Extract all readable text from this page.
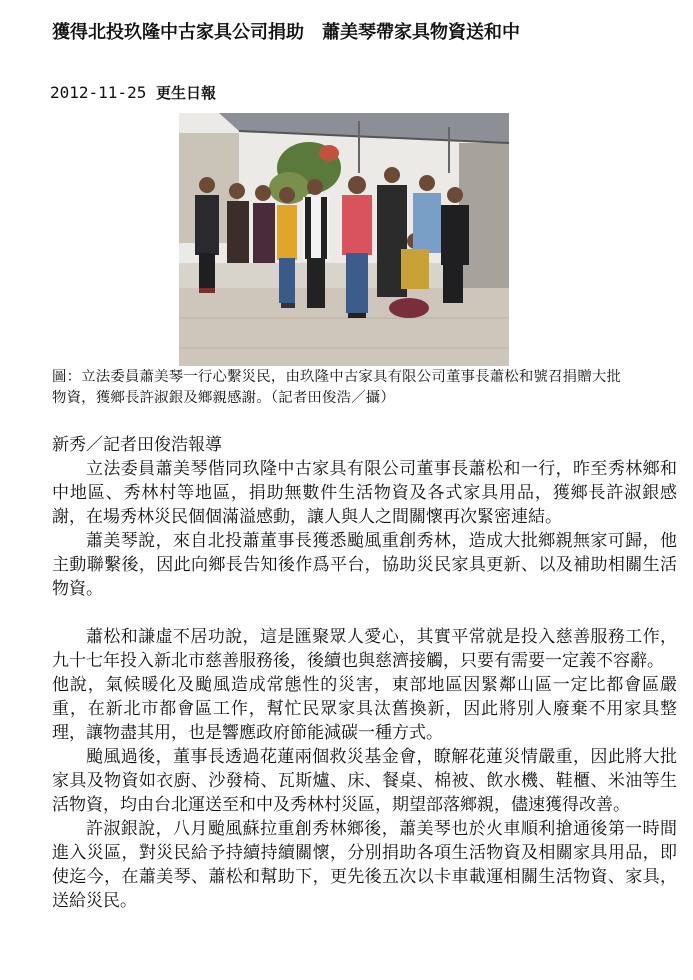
獲得北投玖隆中古家具公司捐助　蕭美琴帶家具物資送和中
2012-11-25 更生日報
圖：立法委員蕭美琴一行心繫災民，由玖隆中古家具有限公司董事長蕭松和號召捐贈大批物資，獲鄉長許淑銀及鄉親感謝。（記者田俊浩／攝）

新秀／記者田俊浩報導

立法委員蕭美琴偕同玖隆中古家具有限公司董事長蕭松和一行，昨至秀林鄉和中地區、秀林村等地區，捐助無數件生活物資及各式家具用品，獲鄉長許淑銀感謝，在場秀林災民個個滿溢感動，讓人與人之間關懷再次緊密連結。

蕭美琴說，來自北投蕭董事長獲悉颱風重創秀林，造成大批鄉親無家可歸，他主動聯繫後，因此向鄉長告知後作爲平台，協助災民家具更新、以及補助相關生活物資。

蕭松和謙虛不居功說，這是匯聚眾人愛心，其實平常就是投入慈善服務工作，九十七年投入新北市慈善服務後，後續也與慈濟接觸，只要有需要一定義不容辭。

他說，氣候暖化及颱風造成常態性的災害，東部地區因緊鄰山區一定比都會區嚴重，在新北市都會區工作，幫忙民眾家具汰舊換新，因此將別人廢棄不用家具整理，讓物盡其用，也是響應政府節能減碳一種方式。

颱風過後，董事長透過花蓮兩個救災基金會，瞭解花蓮災情嚴重，因此將大批家具及物資如衣廚、沙發椅、瓦斯爐、床、餐桌、棉被、飲水機、鞋櫃、米油等生活物資，均由台北運送至和中及秀林村災區，期望部落鄉親，儘速獲得改善。

許淑銀說，八月颱風蘇拉重創秀林鄉後，蕭美琴也於火車順利搶通後第一時間進入災區，對災民給予持續持續關懷，分別捐助各項生活物資及相關家具用品，即使迄今，在蕭美琴、蕭松和幫助下，更先後五次以卡車載運相關生活物資、家具，送給災民。
